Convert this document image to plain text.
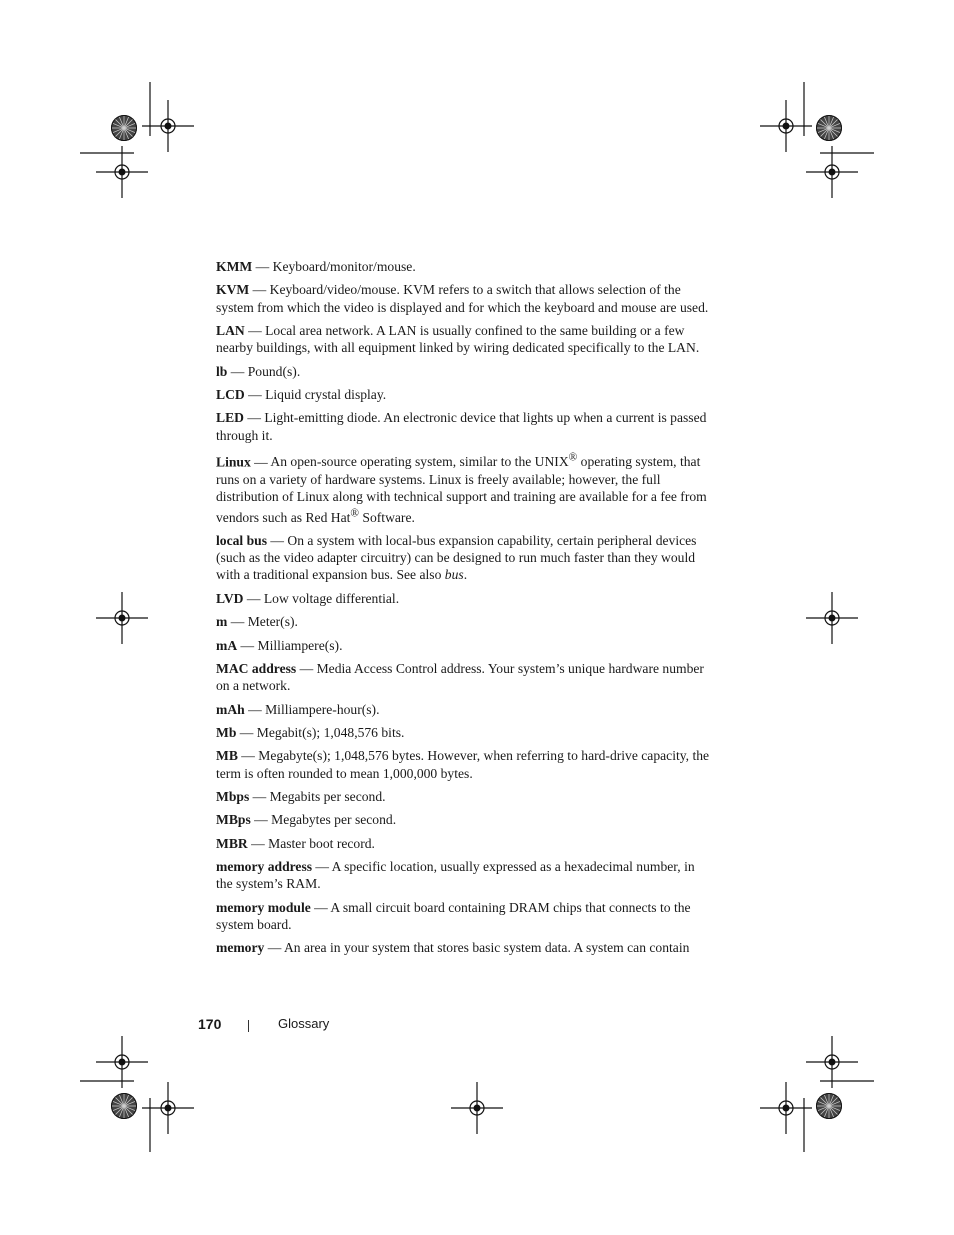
KMM — Keyboard/monitor/mouse.

KVM — Keyboard/video/mouse. KVM refers to a switch that allows selection of the system from which the video is displayed and for which the keyboard and mouse are used.

LAN — Local area network. A LAN is usually confined to the same building or a few nearby buildings, with all equipment linked by wiring dedicated specifically to the LAN.

lb — Pound(s).

LCD — Liquid crystal display.

LED — Light-emitting diode. An electronic device that lights up when a current is passed through it.

Linux — An open-source operating system, similar to the UNIX® operating system, that runs on a variety of hardware systems. Linux is freely available; however, the full distribution of Linux along with technical support and training are available for a fee from vendors such as Red Hat® Software.

local bus — On a system with local-bus expansion capability, certain peripheral devices (such as the video adapter circuitry) can be designed to run much faster than they would with a traditional expansion bus. See also bus.

LVD — Low voltage differential.

m — Meter(s).

mA — Milliampere(s).

MAC address — Media Access Control address. Your system’s unique hardware number on a network.

mAh — Milliampere-hour(s).

Mb — Megabit(s); 1,048,576 bits.

MB — Megabyte(s); 1,048,576 bytes. However, when referring to hard-drive capacity, the term is often rounded to mean 1,000,000 bytes.

Mbps — Megabits per second.

MBps — Megabytes per second.

MBR — Master boot record.

memory address — A specific location, usually expressed as a hexadecimal number, in the system’s RAM.

memory module — A small circuit board containing DRAM chips that connects to the system board.

memory — An area in your system that stores basic system data. A system can contain

170	Glossary
